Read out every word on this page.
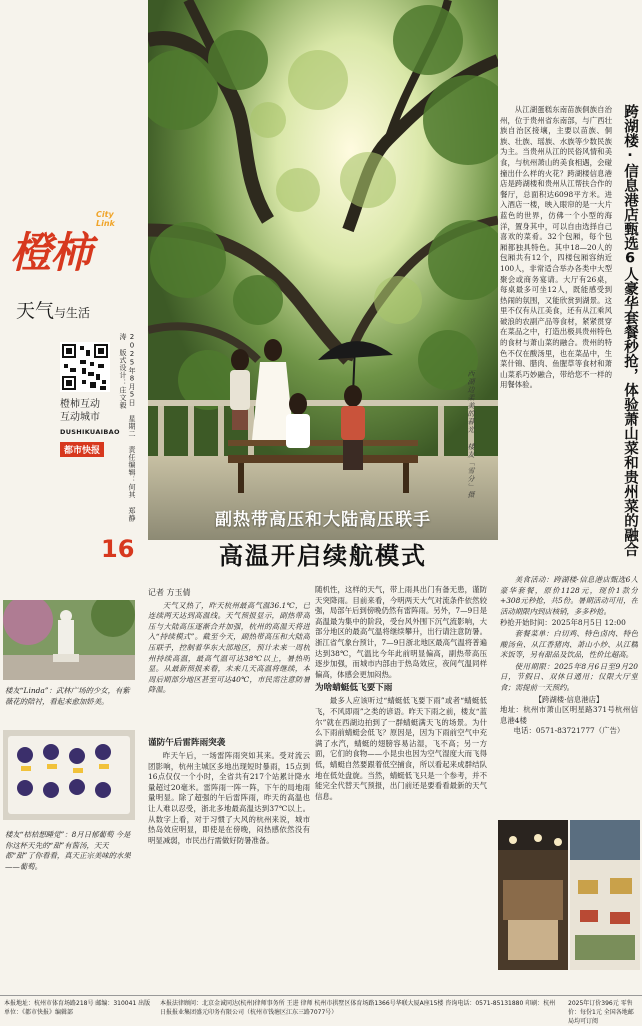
西湖边柔美的暮光 楼友「雪分」摄
副热带高压和大陆高压联手
高温开启续航模式
橙柿
City Link
天气与生活
橙柿互动
互动城市
DUSHIKUAIBAO
都市快报	2025年8月5日 星期二 责任编辑：何其 郑静涛 版式设计：庄文毅
16
记者 方玉倩

天气又热了，昨天杭州最高气温36.1℃，已连续两天达到高温线。天气预报显示，副热带高压与大陆高压逐渐合并加强，杭州的高温天将进入“持续模式”。截至今天，副热带高压和大陆高压联手，控制着华东大部地区，预计未来一周杭州持续高温，最高气温可达38℃以上，暑热明显。从最新预报来看，未来几天高温将继续，本周后期部分地区甚至可达40℃，市民需注意防暑降温。

谨防午后雷阵雨突袭

昨天午后，一场雷阵雨突如其来。受对流云团影响，杭州主城区多地出现短时暴雨，15点到16点仅仅一个小时，全省共有217个站累计降水量超过20毫米。雷阵雨一阵一阵，下午的局地雨量明显。除了超强的午后雷阵雨，昨天的高温也让人难以忍受，浙北多地最高温达到37℃以上。从数字上看，对于习惯了大风的杭州来说，城市热岛效应明显，即使是在傍晚，闷热感依然没有明显减弱，市民出行需做好防暑准备。

随机性，这样的天气，带上雨具出门有备无患，谨防天突降雨。目前来看，今明两天大气对流条件依然较强，局部午后到傍晚仍然有雷阵雨。另外，7—9日是高温最为集中的阶段，受台风外围下沉气流影响，大部分地区的最高气温将继续攀升，出行请注意防暑。浙江省气象台预计，7—9日浙北地区最高气温将普遍达到38℃，气温比今年此前明显偏高，副热带高压逐步加强，而城市内部由于热岛效应，夜间气温同样偏高，体感会更加闷热。

为啥蜻蜓低飞要下雨

最多人应该听过“蜻蜓低飞要下雨”或者“蜻蜓低飞，不风即雨”之类的谚语。昨天下雨之前，楼友“蓝尔”就在西湖边拍到了一群蜻蜓满天飞的场景。为什么下雨前蜻蜓会低飞？原因是，因为下雨前空气中充满了水汽，蜻蜓的翅膀容易沾湿，飞不高；另一方面，它们的食物——小昆虫也因为空气湿度大而飞得低，蜻蜓自然要跟着低空捕食，所以看起来成群结队地在低处盘旋。当然，蜻蜓低飞只是一个参考，并不能完全代替天气预报，出门前还是要看看最新的天气信息。

楼友“Linda”：武林广场的少女，有紫薇花的陪衬，看起来愈加娇美。
楼友“桔桔想睡觉”：8月日郁葡萄 今是你这杯天先的“甜”有酱汤，天天都“甜”了你看看，真天正宗美味的水果——葡萄。
跨湖楼·信息港店甄选6人豪华套餐秒抢，体验萧山菜和贵州菜的融合

从江湖蛋糕东南苗族侗族自治州，位于贵州省东南部，与广西壮族自治区接壤，主要以苗族、侗族、壮族、瑶族、水族等少数民族为主。当贵州从江的民俗风情和美食，与杭州萧山的美食相遇，会碰撞出什么样的火花？跨湖楼信息港店是跨湖楼和贵州从江帮扶合作的餐厅，总面积达6098平方米。进入酒店一楼，映入眼帘的是一大片蓝色的世界，仿佛一个小型的海洋，置身其中，可以自由选择自己喜欢的菜肴。32个包厢，每个包厢都独具特色。其中18—20人的包厢共有12个，四楼包厢容纳近100人，非常适合举办各类中大型聚会或商务宴请。大厅有26桌，每桌最多可坐12人，既能感受到热闹的氛围，又能欣赏到湖景。这里不仅有从江美食，还有从江乘风破浪的农副产品等食材，紧紧贯穿在菜品之中，打造出极具贵州特色的食材与萧山菜的融合。贵州的特色不仅在酸汤里，也在菜品中，生菜什锦、腊肉、鱼腥草等食材和萧山菜系巧妙融合，带给您不一样的用餐体验。

美食活动：跨湖楼·信息港店甄选6人豪华套餐，原价1128元，现价1款分+308元秒抢，共5份。暑期活动可用，在活动期限内到店核销，多多秒抢。

秒抢开始时间：2025年8月5日 12:00

套餐菜单：白切鸡、特色卤肉、特色酸汤鱼、从江香猪肉、萧山小炒、从江糯米饭等，另有甜品及饮品，性价比超高。

使用期限：2025年8月6日至9月20日，节假日、双休日通用；仅限大厅堂食；需提前一天预约。

【跨湖楼·信息港店】
地址：杭州市萧山区明星路371号杭州信息港4楼
电话：0571-83721777（广告）
本报地址：杭州市体育场路218号 邮编：310041 出版单位：《都市快报》编辑部
本报法律顾问：北京金诚同达(杭州)律师事务所 王进 律师 杭州市拱墅区体育场路1366号华联大厦A座15楼 咨询电话：0571-85131880 印刷：杭州日报报业集团盛元印务有限公司（杭州市钱塘区江东三路7077号）
2025年订价396元 零售价：每份1元 全国各地邮局均可订阅
